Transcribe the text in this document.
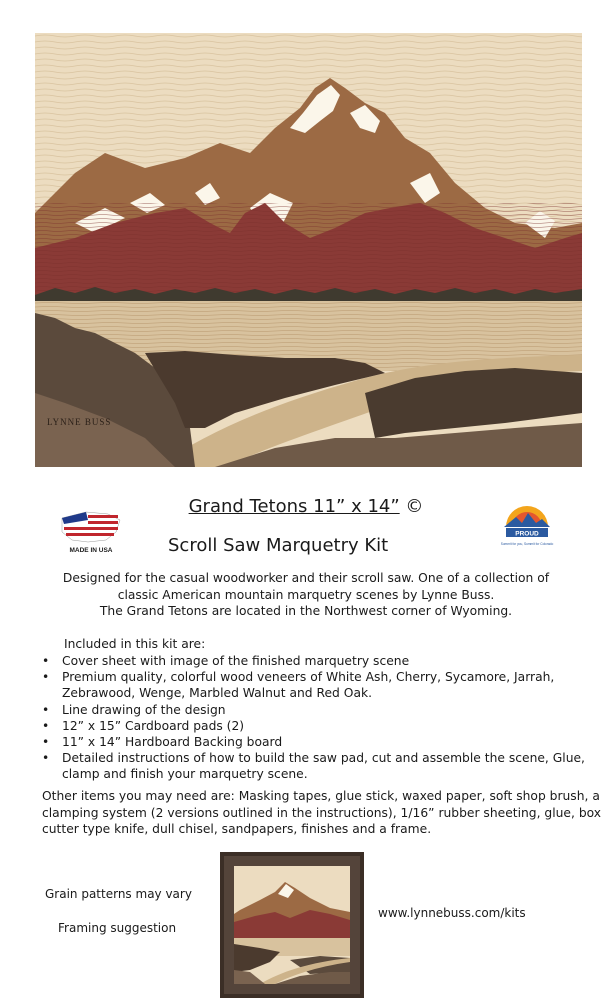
LYNNE BUSS
Grand Tetons 11” x 14” ©
MADE IN USA
PROUD
Summit for you, Summit for Colorado
Scroll Saw Marquetry Kit
Designed for the casual woodworker and their scroll saw. One of a collection of
classic American mountain marquetry scenes by Lynne Buss.
The Grand Tetons are located in the Northwest corner of Wyoming.
Included in this kit are:
• Cover sheet with image of the finished marquetry scene
• Premium quality, colorful wood veneers of White Ash, Cherry, Sycamore, Jarrah, Zebrawood, Wenge, Marbled Walnut and Red Oak.
• Line drawing of the design
• 12” x 15” Cardboard pads (2)
• 11” x 14” Hardboard Backing board
• Detailed instructions of how to build the saw pad, cut and assemble the scene, Glue, clamp and finish your marquetry scene.
Other items you may need are: Masking tapes, glue stick, waxed paper, soft shop brush, a clamping system (2 versions outlined in the instructions), 1/16” rubber sheeting, glue, box cutter type knife, dull chisel, sandpapers, finishes and a frame.
Grain patterns may vary
Framing suggestion
www.lynnebuss.com/kits
